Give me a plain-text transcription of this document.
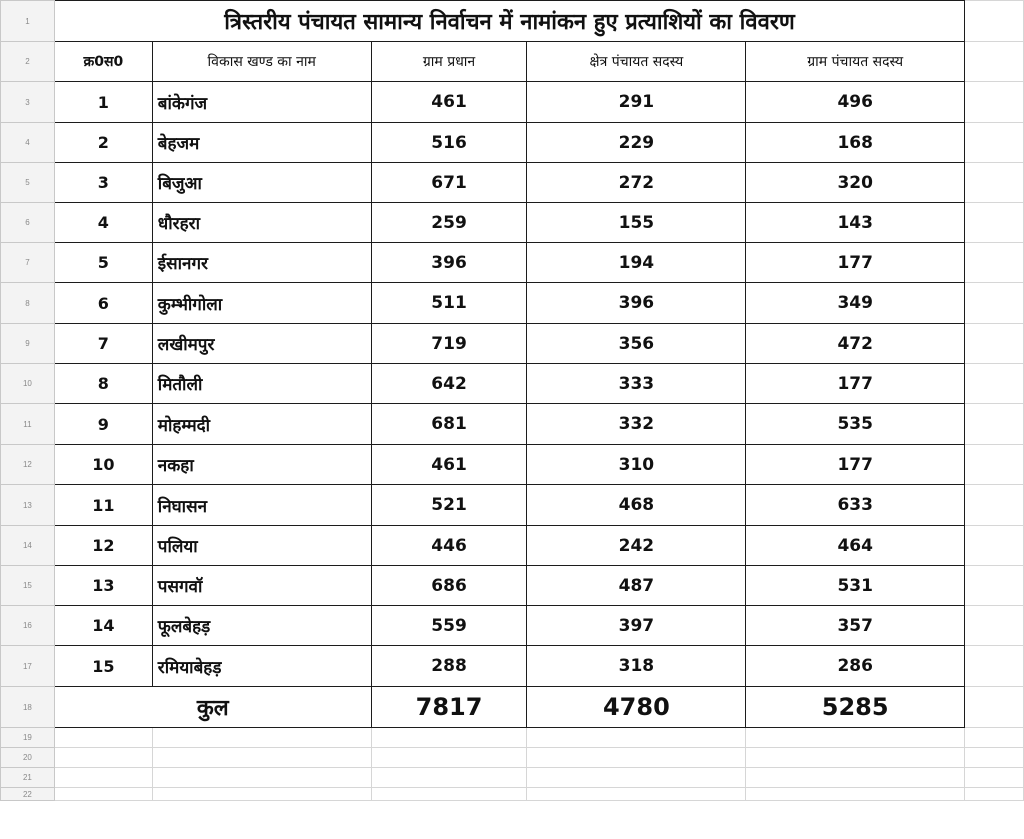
1	त्रिस्तरीय पंचायत सामान्य निर्वाचन में नामांकन हुए प्रत्याशियों का विवरण					
2	क्र0स0	विकास खण्ड का नाम	ग्राम प्रधान	क्षेत्र पंचायत सदस्य	ग्राम पंचायत सदस्य	
3	1	बांकेगंज	461	291	496	
4	2	बेहजम	516	229	168	
5	3	बिजुआ	671	272	320	
6	4	धौरहरा	259	155	143	
7	5	ईसानगर	396	194	177	
8	6	कुम्भीगोला	511	396	349	
9	7	लखीमपुर	719	356	472	
10	8	मितौली	642	333	177	
11	9	मोहम्मदी	681	332	535	
12	10	नकहा	461	310	177	
13	11	निघासन	521	468	633	
14	12	पलिया	446	242	464	
15	13	पसगवॉ	686	487	531	
16	14	फूलबेहड़	559	397	357	
17	15	रमियाबेहड़	288	318	286	
18	कुल		7817	4780	5285	
19						
20						
21						
22						
